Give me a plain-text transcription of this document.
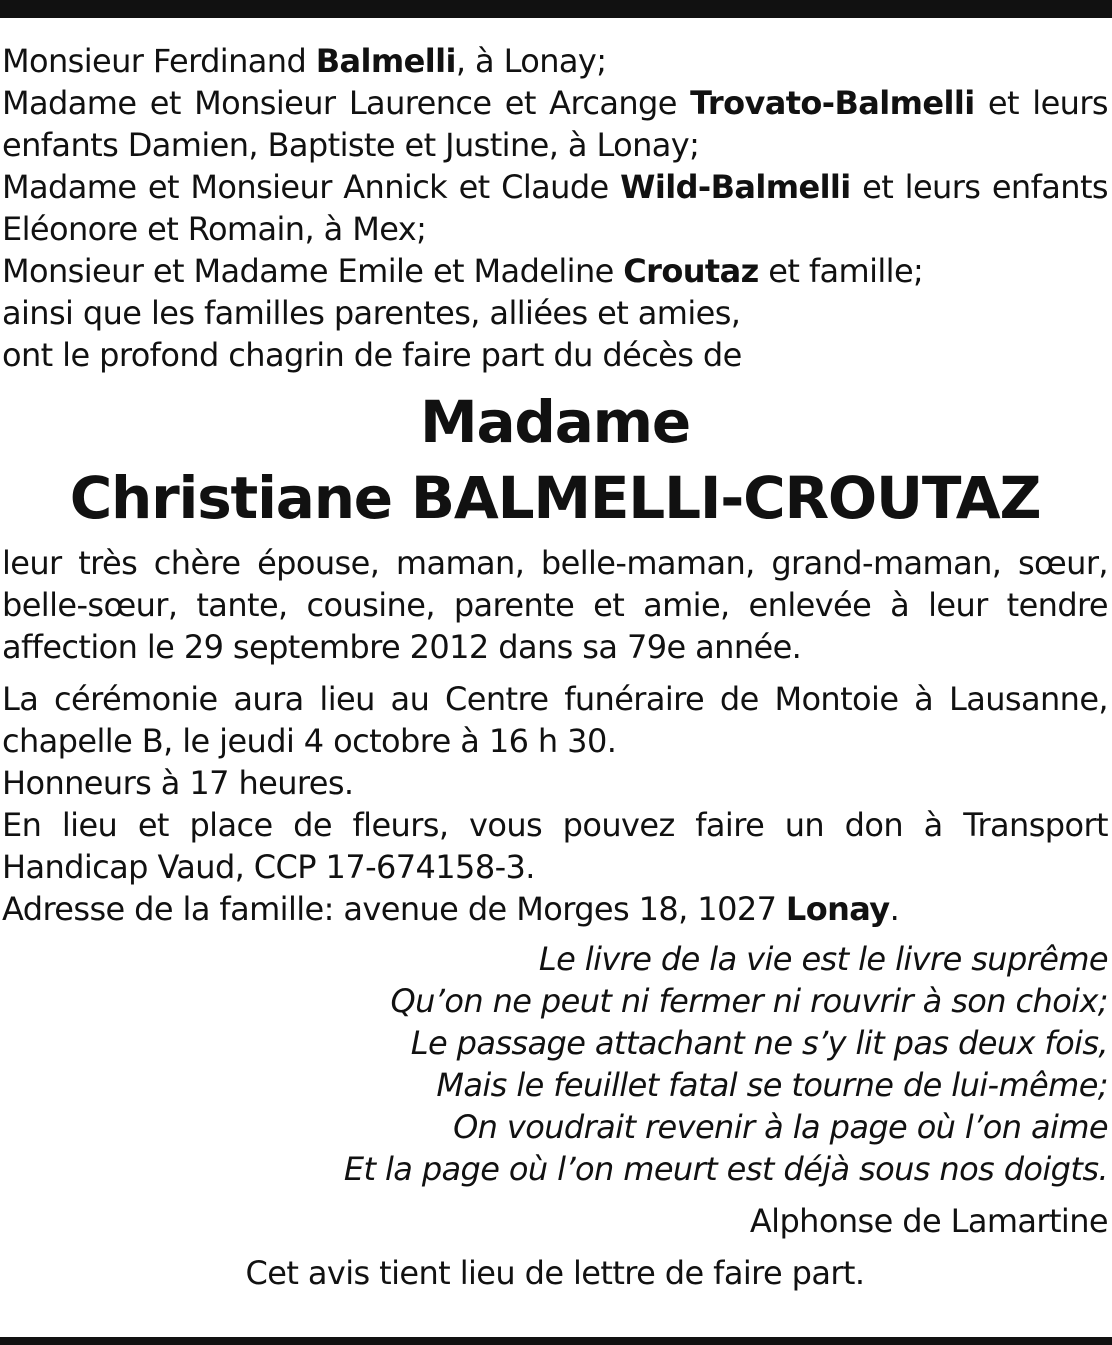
Monsieur Ferdinand Balmelli, à Lonay;

Madame et Monsieur Laurence et Arcange Trovato-Balmelli et leurs enfants Damien, Baptiste et Justine, à Lonay;

Madame et Monsieur Annick et Claude Wild-Balmelli et leurs enfants Eléonore et Romain, à Mex;

Monsieur et Madame Emile et Madeline Croutaz et famille;

ainsi que les familles parentes, alliées et amies,

ont le profond chagrin de faire part du décès de

Madame

Christiane BALMELLI-CROUTAZ

leur très chère épouse, maman, belle-maman, grand-maman, sœur, belle-sœur, tante, cousine, parente et amie, enlevée à leur tendre affection le 29 septembre 2012 dans sa 79e année.

La cérémonie aura lieu au Centre funéraire de Montoie à Lausanne, chapelle B, le jeudi 4 octobre à 16 h 30.

Honneurs à 17 heures.

En lieu et place de fleurs, vous pouvez faire un don à Transport Handicap Vaud, CCP 17-674158-3.

Adresse de la famille: avenue de Morges 18, 1027 Lonay.

Le livre de la vie est le livre suprême
Qu’on ne peut ni fermer ni rouvrir à son choix;
Le passage attachant ne s’y lit pas deux fois,
Mais le feuillet fatal se tourne de lui-même;
On voudrait revenir à la page où l’on aime
Et la page où l’on meurt est déjà sous nos doigts.

Alphonse de Lamartine

Cet avis tient lieu de lettre de faire part.
